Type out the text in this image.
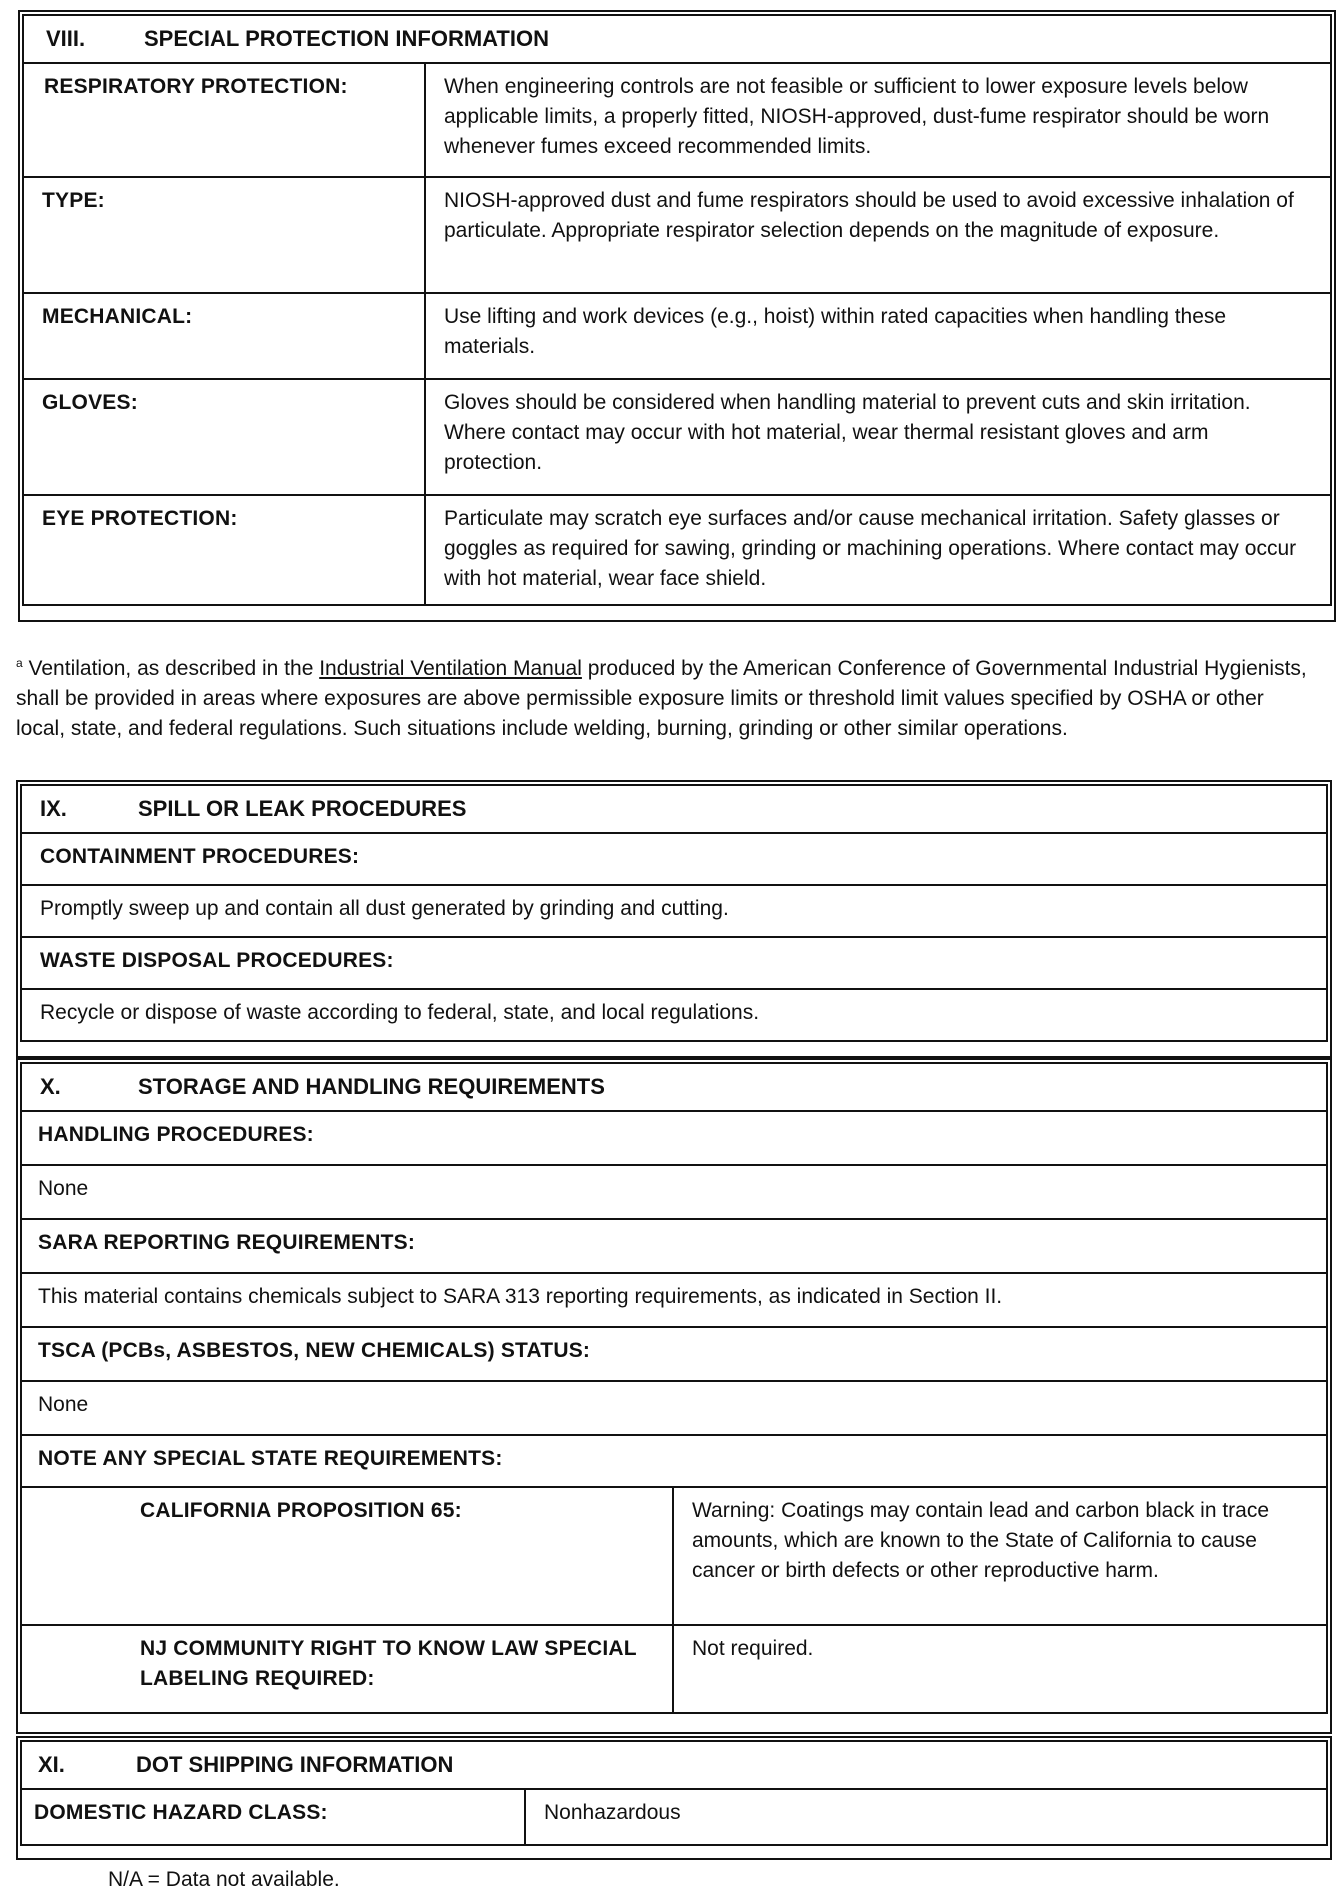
VIII.	SPECIAL PROTECTION INFORMATION
RESPIRATORY PROTECTION:	When engineering controls are not feasible or sufficient to lower exposure levels below applicable limits, a properly fitted, NIOSH-approved, dust-fume respirator should be worn whenever fumes exceed recommended limits.
TYPE:	NIOSH-approved dust and fume respirators should be used to avoid excessive inhalation of particulate. Appropriate respirator selection depends on the magnitude of exposure.
MECHANICAL:	Use lifting and work devices (e.g., hoist) within rated capacities when handling these materials.
GLOVES:	Gloves should be considered when handling material to prevent cuts and skin irritation. Where contact may occur with hot material, wear thermal resistant gloves and arm protection.
EYE PROTECTION:	Particulate may scratch eye surfaces and/or cause mechanical irritation. Safety glasses or goggles as required for sawing, grinding or machining operations. Where contact may occur with hot material, wear face shield.
$^a$ Ventilation, as described in the Industrial Ventilation Manual produced by the American Conference of Governmental Industrial Hygienists, shall be provided in areas where exposures are above permissible exposure limits or threshold limit values specified by OSHA or other local, state, and federal regulations. Such situations include welding, burning, grinding or other similar operations.
IX.	SPILL OR LEAK PROCEDURES
CONTAINMENT PROCEDURES:
Promptly sweep up and contain all dust generated by grinding and cutting.
WASTE DISPOSAL PROCEDURES:
Recycle or dispose of waste according to federal, state, and local regulations.
X.	STORAGE AND HANDLING REQUIREMENTS
HANDLING PROCEDURES:
None
SARA REPORTING REQUIREMENTS:
This material contains chemicals subject to SARA 313 reporting requirements, as indicated in Section II.
TSCA (PCBs, ASBESTOS, NEW CHEMICALS) STATUS:
None
NOTE ANY SPECIAL STATE REQUIREMENTS:
CALIFORNIA PROPOSITION 65:	Warning: Coatings may contain lead and carbon black in trace amounts, which are known to the State of California to cause cancer or birth defects or other reproductive harm.
NJ COMMUNITY RIGHT TO KNOW LAW SPECIAL LABELING REQUIRED:
Not required.
XI.	DOT SHIPPING INFORMATION
DOMESTIC HAZARD CLASS:	Nonhazardous
N/A = Data not available.
